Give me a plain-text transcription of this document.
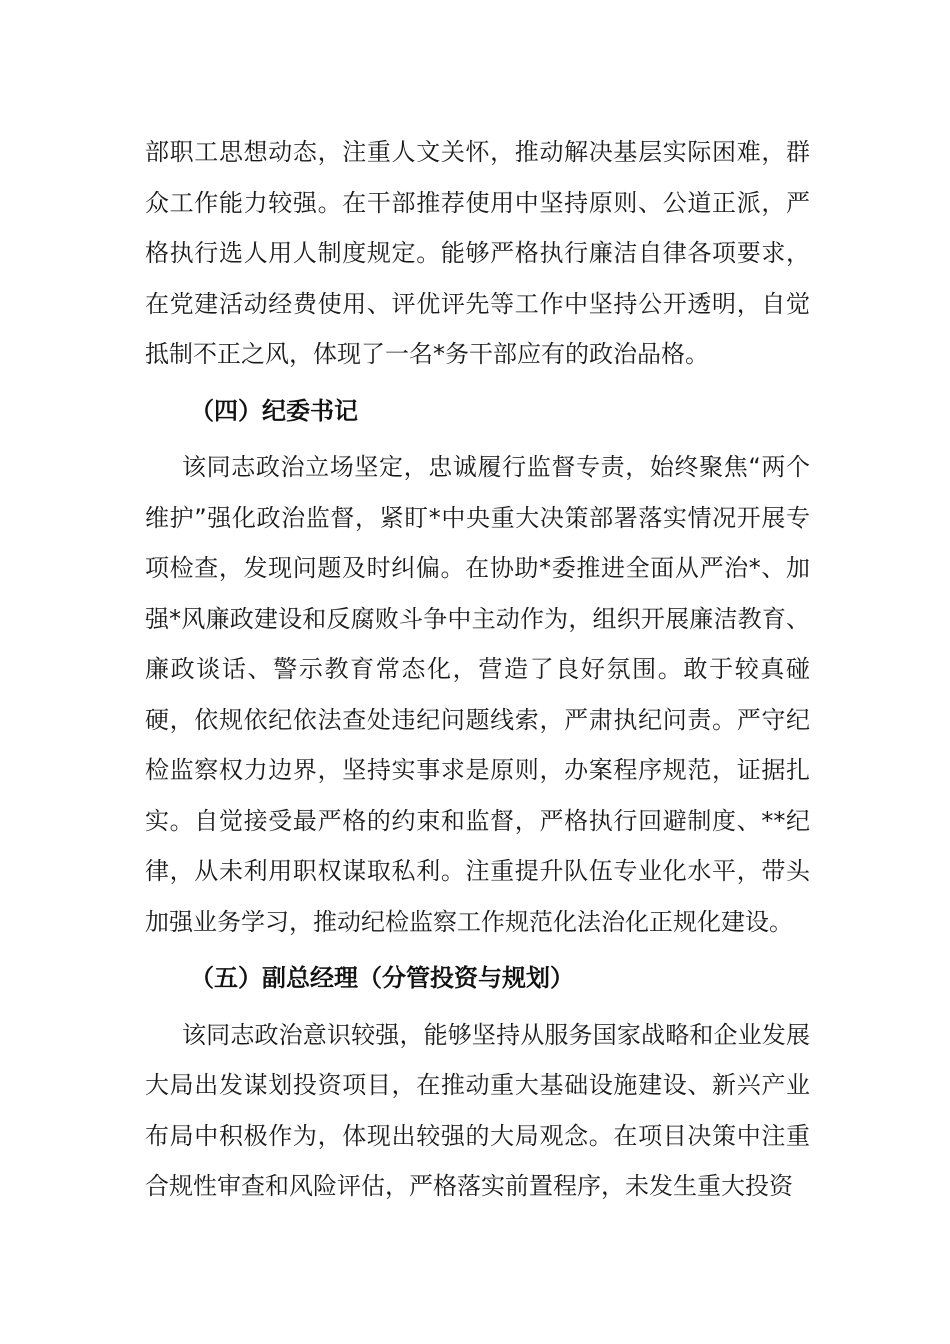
部职工思想动态，注重人文关怀，推动解决基层实际困难，群众工作能力较强。在干部推荐使用中坚持原则、公道正派，严格执行选人用人制度规定。能够严格执行廉洁自律各项要求，在党建活动经费使用、评优评先等工作中坚持公开透明，自觉抵制不正之风，体现了一名*务干部应有的政治品格。

（四）纪委书记

该同志政治立场坚定，忠诚履行监督专责，始终聚焦“两个维护”强化政治监督，紧盯*中央重大决策部署落实情况开展专项检查，发现问题及时纠偏。在协助*委推进全面从严治*、加强*风廉政建设和反腐败斗争中主动作为，组织开展廉洁教育、廉政谈话、警示教育常态化，营造了良好氛围。敢于较真碰硬，依规依纪依法查处违纪问题线索，严肃执纪问责。严守纪检监察权力边界，坚持实事求是原则，办案程序规范，证据扎实。自觉接受最严格的约束和监督，严格执行回避制度、**纪律，从未利用职权谋取私利。注重提升队伍专业化水平，带头加强业务学习，推动纪检监察工作规范化法治化正规化建设。

（五）副总经理（分管投资与规划）

该同志政治意识较强，能够坚持从服务国家战略和企业发展大局出发谋划投资项目，在推动重大基础设施建设、新兴产业布局中积极作为，体现出较强的大局观念。在项目决策中注重合规性审查和风险评估，严格落实前置程序，未发生重大投资
